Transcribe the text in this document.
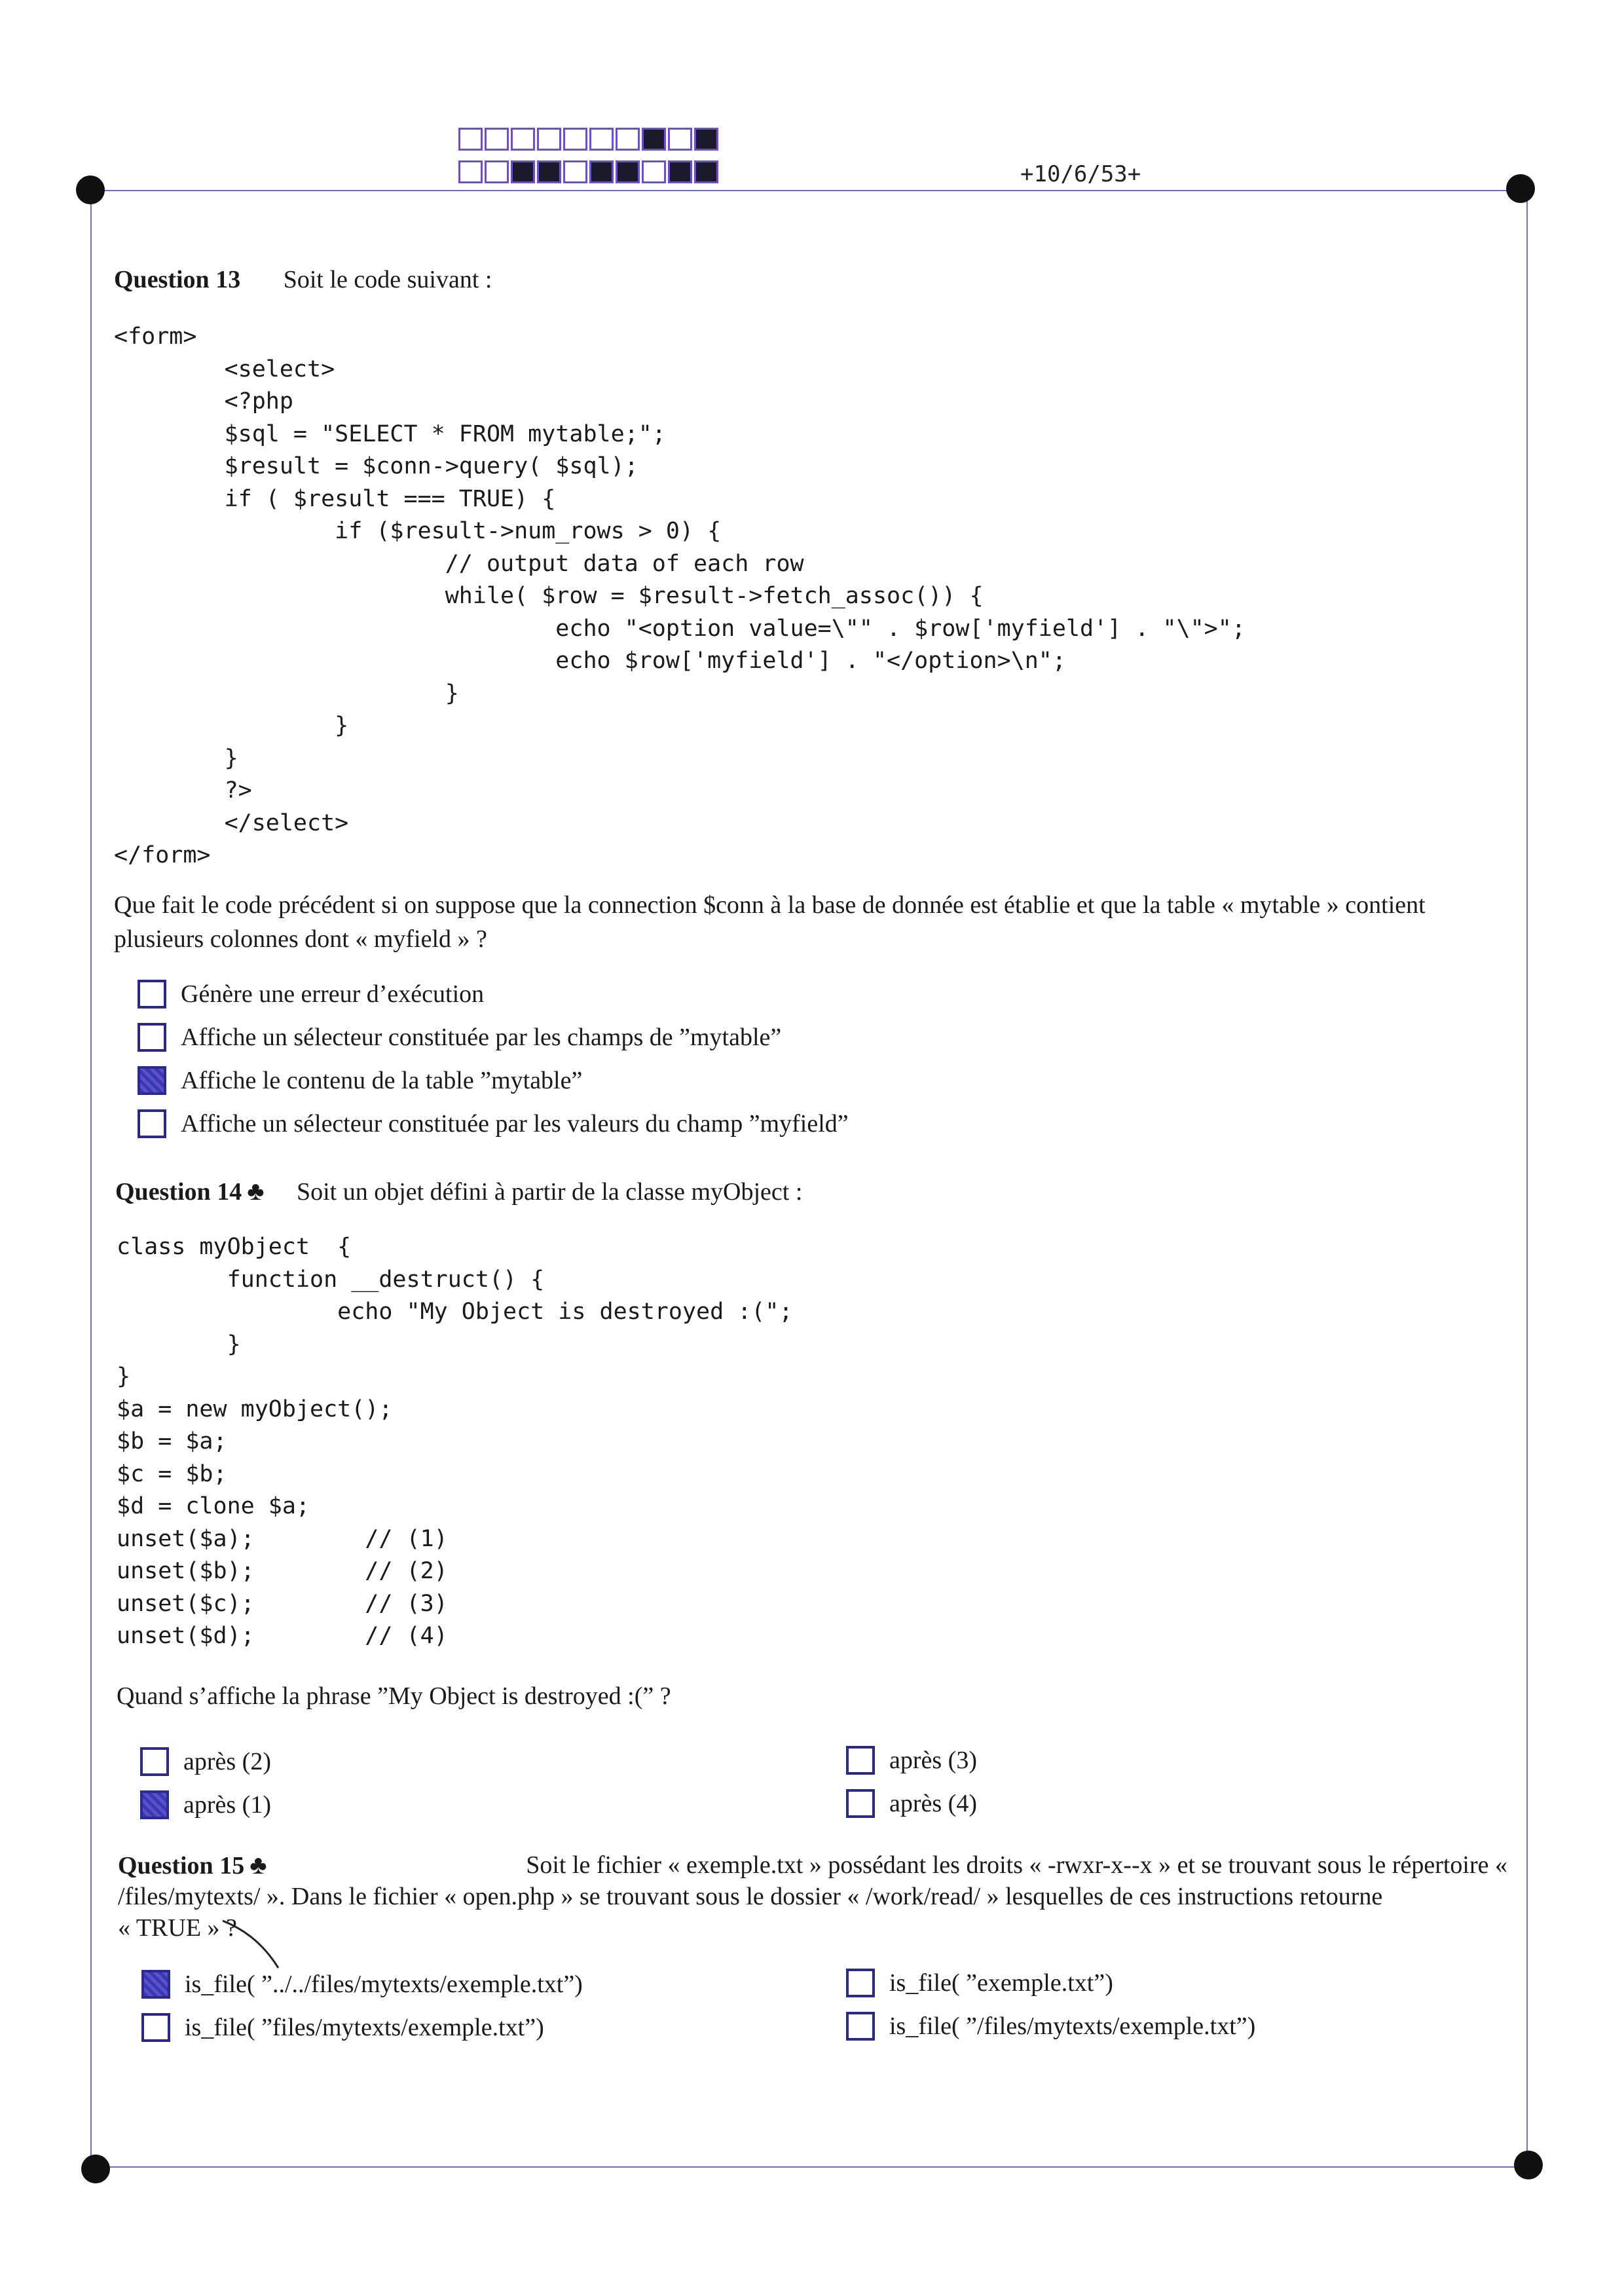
+10/6/53+
Question 13 Soit le code suivant :
<form>
<select>
<?php
$sql = "SELECT * FROM mytable;";
$result = $conn->query( $sql);
if ( $result === TRUE) {
if ($result->num_rows > 0) {
// output data of each row
while( $row = $result->fetch_assoc()) {
echo "<option value=\"" . $row['myfield'] . "\">";
echo $row['myfield'] . "</option>\n";
}
}
}
?>
</select>
</form>
Que fait le code précédent si on suppose que la connection $conn à la base de donnée est établie et que la table « mytable » contient plusieurs colonnes dont « myfield » ?
Génère une erreur d’exécution
Affiche un sélecteur constituée par les champs de ”mytable”
Affiche le contenu de la table ”mytable”
Affiche un sélecteur constituée par les valeurs du champ ”myfield”
Question 14 ♣ Soit un objet défini à partir de la classe myObject :
class myObject  {
function __destruct() {
echo "My Object is destroyed :(";
}
}
$a = new myObject();
$b = $a;
$c = $b;
$d = clone $a;
unset($a);        // (1)
unset($b);        // (2)
unset($c);        // (3)
unset($d);        // (4)
Quand s’affiche la phrase ”My Object is destroyed :(” ?
après (2)	après (3)
après (1)	après (4)
Question 15 ♣	Soit le fichier « exemple.txt » possédant les droits « -rwxr-x--x » et se trouvant sous le répertoire «
/files/mytexts/ ». Dans le fichier « open.php » se trouvant sous le dossier « /work/read/ » lesquelles de ces instructions retourne
« TRUE » ?
is_file( ”../../files/mytexts/exemple.txt”)	is_file( ”exemple.txt”)
is_file( ”files/mytexts/exemple.txt”)	is_file( ”/files/mytexts/exemple.txt”)
